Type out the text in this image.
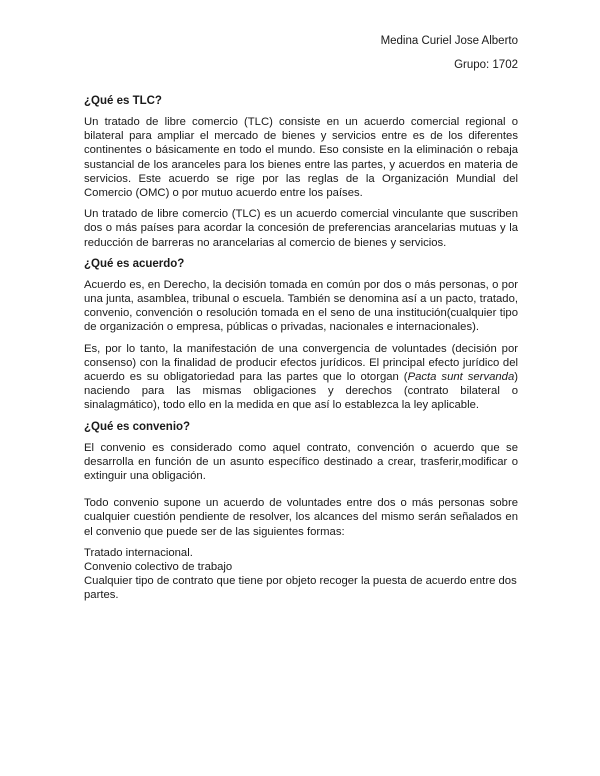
Medina Curiel Jose Alberto
Grupo: 1702
¿Qué es TLC?

Un tratado de libre comercio (TLC) consiste en un acuerdo comercial regional o bilateral para ampliar el mercado de bienes y servicios entre es de los diferentes continentes o básicamente en todo el mundo. Eso consiste en la eliminación o rebaja sustancial de los aranceles para los bienes entre las partes, y acuerdos en materia de servicios. Este acuerdo se rige por las reglas de la Organización Mundial del Comercio (OMC) o por mutuo acuerdo entre los países.

Un tratado de libre comercio (TLC) es un acuerdo comercial vinculante que suscriben dos o más países para acordar la concesión de preferencias arancelarias mutuas y la reducción de barreras no arancelarias al comercio de bienes y servicios.

¿Qué es acuerdo?

Acuerdo es, en Derecho, la decisión tomada en común por dos o más personas, o por una junta, asamblea, tribunal o escuela. También se denomina así a un pacto, tratado, convenio, convención o resolución tomada en el seno de una institución(cualquier tipo de organización o empresa, públicas o privadas, nacionales e internacionales).

Es, por lo tanto, la manifestación de una convergencia de voluntades (decisión por consenso) con la finalidad de producir efectos jurídicos. El principal efecto jurídico del acuerdo es su obligatoriedad para las partes que lo otorgan (Pacta sunt servanda) naciendo para las mismas obligaciones y derechos (contrato bilateral o sinalagmático), todo ello en la medida en que así lo establezca la ley aplicable.

¿Qué es convenio?

El convenio es considerado como aquel contrato, convención o acuerdo que se desarrolla en función de un asunto específico destinado a crear, trasferir,modificar o extinguir una obligación.

Todo convenio supone un acuerdo de voluntades entre dos o más personas sobre cualquier cuestión pendiente de resolver, los alcances del mismo serán señalados en el convenio que puede ser de las siguientes formas:

Tratado internacional.

Convenio colectivo de trabajo

Cualquier tipo de contrato que tiene por objeto recoger la puesta de acuerdo entre dos partes.
